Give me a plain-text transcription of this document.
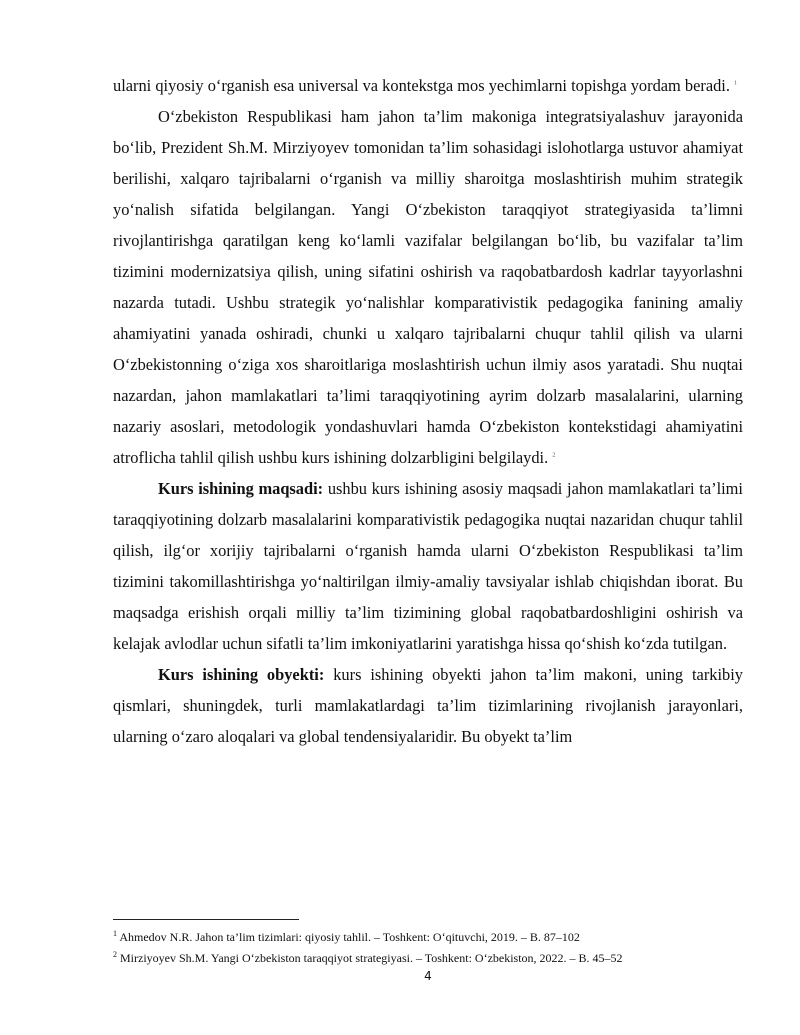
ularni qiyosiy o‘rganish esa universal va kontekstga mos yechimlarni topishga yordam beradi. $^1$

O‘zbekiston Respublikasi ham jahon ta’lim makoniga integratsiyalashuv jarayonida bo‘lib, Prezident Sh.M. Mirziyoyev tomonidan ta’lim sohasidagi islohotlarga ustuvor ahamiyat berilishi, xalqaro tajribalarni o‘rganish va milliy sharoitga moslashtirish muhim strategik yo‘nalish sifatida belgilangan. Yangi O‘zbekiston taraqqiyot strategiyasida ta’limni rivojlantirishga qaratilgan keng ko‘lamli vazifalar belgilangan bo‘lib, bu vazifalar ta’lim tizimini modernizatsiya qilish, uning sifatini oshirish va raqobatbardosh kadrlar tayyorlashni nazarda tutadi. Ushbu strategik yo‘nalishlar komparativistik pedagogika fanining amaliy ahamiyatini yanada oshiradi, chunki u xalqaro tajribalarni chuqur tahlil qilish va ularni O‘zbekistonning o‘ziga xos sharoitlariga moslashtirish uchun ilmiy asos yaratadi. Shu nuqtai nazardan, jahon mamlakatlari ta’limi taraqqiyotining ayrim dolzarb masalalarini, ularning nazariy asoslari, metodologik yondashuvlari hamda O‘zbekiston kontekstidagi ahamiyatini atroflicha tahlil qilish ushbu kurs ishining dolzarbligini belgilaydi. $^2$

Kurs ishining maqsadi: ushbu kurs ishining asosiy maqsadi jahon mamlakatlari ta’limi taraqqiyotining dolzarb masalalarini komparativistik pedagogika nuqtai nazaridan chuqur tahlil qilish, ilg‘or xorijiy tajribalarni o‘rganish hamda ularni O‘zbekiston Respublikasi ta’lim tizimini takomillashtirishga yo‘naltirilgan ilmiy-amaliy tavsiyalar ishlab chiqishdan iborat. Bu maqsadga erishish orqali milliy ta’lim tizimining global raqobatbardoshligini oshirish va kelajak avlodlar uchun sifatli ta’lim imkoniyatlarini yaratishga hissa qo‘shish ko‘zda tutilgan.

Kurs ishining obyekti: kurs ishining obyekti jahon ta’lim makoni, uning tarkibiy qismlari, shuningdek, turli mamlakatlardagi ta’lim tizimlarining rivojlanish jarayonlari, ularning o‘zaro aloqalari va global tendensiyalaridir. Bu obyekt ta’lim

$^1$ Ahmedov N.R. Jahon ta’lim tizimlari: qiyosiy tahlil. – Toshkent: O‘qituvchi, 2019. – B. 87–102
$^2$ Mirziyoyev Sh.M. Yangi O‘zbekiston taraqqiyot strategiyasi. – Toshkent: O‘zbekiston, 2022. – B. 45–52
4
